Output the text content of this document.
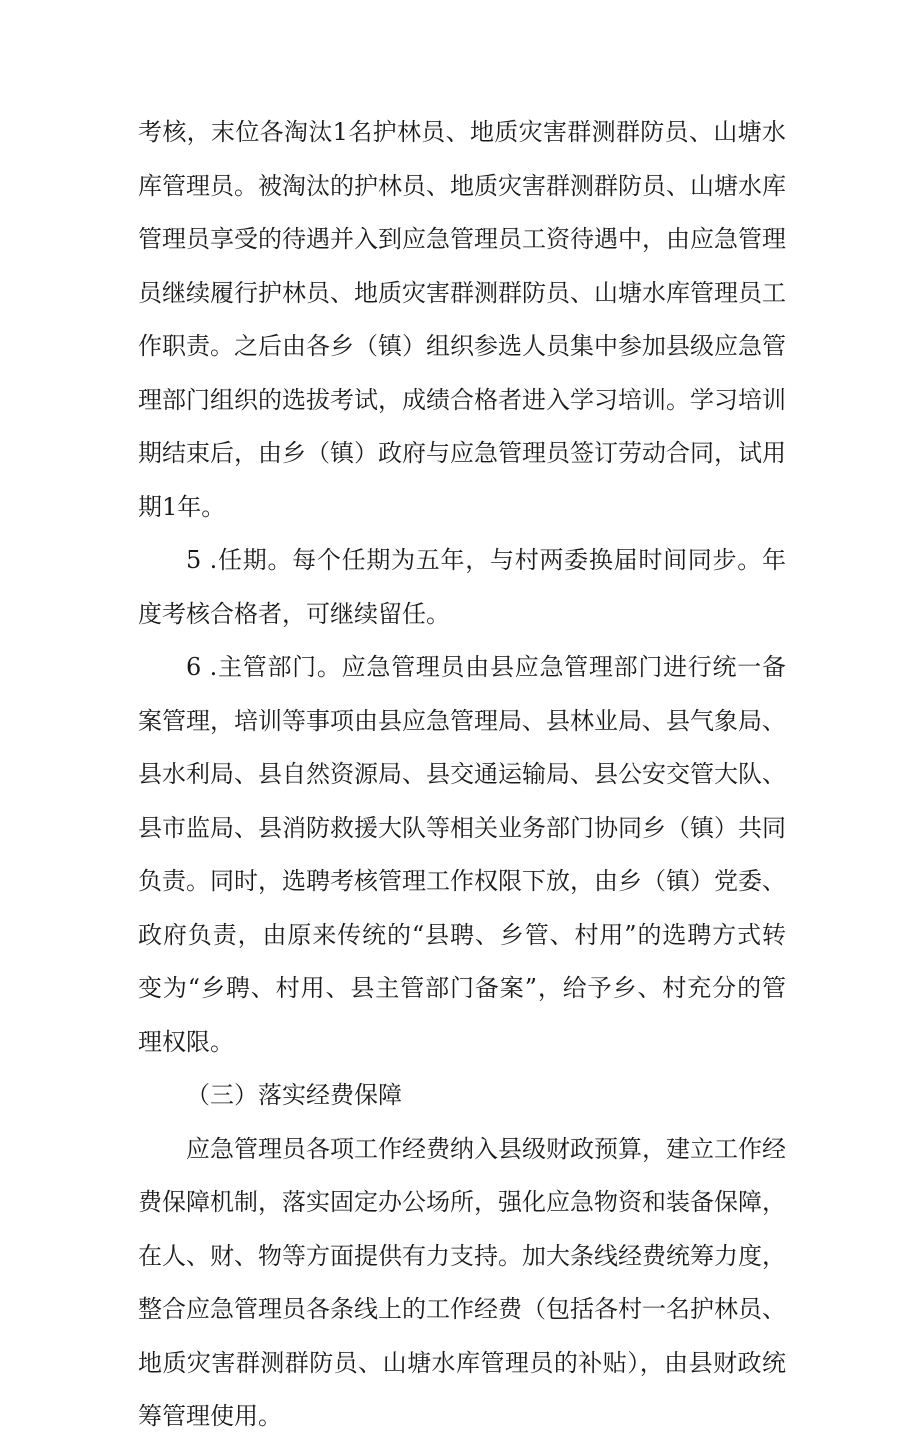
考核，末位各淘汰1名护林员、地质灾害群测群防员、山塘水库管理员。被淘汰的护林员、地质灾害群测群防员、山塘水库管理员享受的待遇并入到应急管理员工资待遇中，由应急管理员继续履行护林员、地质灾害群测群防员、山塘水库管理员工作职责。之后由各乡（镇）组织参选人员集中参加县级应急管理部门组织的选拔考试，成绩合格者进入学习培训。学习培训期结束后，由乡（镇）政府与应急管理员签订劳动合同，试用期1年。

5 .任期。每个任期为五年，与村两委换届时间同步。年度考核合格者，可继续留任。

6 .主管部门。应急管理员由县应急管理部门进行统一备案管理，培训等事项由县应急管理局、县林业局、县气象局、县水利局、县自然资源局、县交通运输局、县公安交管大队、县市监局、县消防救援大队等相关业务部门协同乡（镇）共同负责。同时，选聘考核管理工作权限下放，由乡（镇）党委、政府负责，由原来传统的“县聘、乡管、村用”的选聘方式转变为“乡聘、村用、县主管部门备案”，给予乡、村充分的管理权限。

（三）落实经费保障

应急管理员各项工作经费纳入县级财政预算，建立工作经费保障机制，落实固定办公场所，强化应急物资和装备保障，在人、财、物等方面提供有力支持。加大条线经费统筹力度，整合应急管理员各条线上的工作经费（包括各村一名护林员、地质灾害群测群防员、山塘水库管理员的补贴），由县财政统筹管理使用。
